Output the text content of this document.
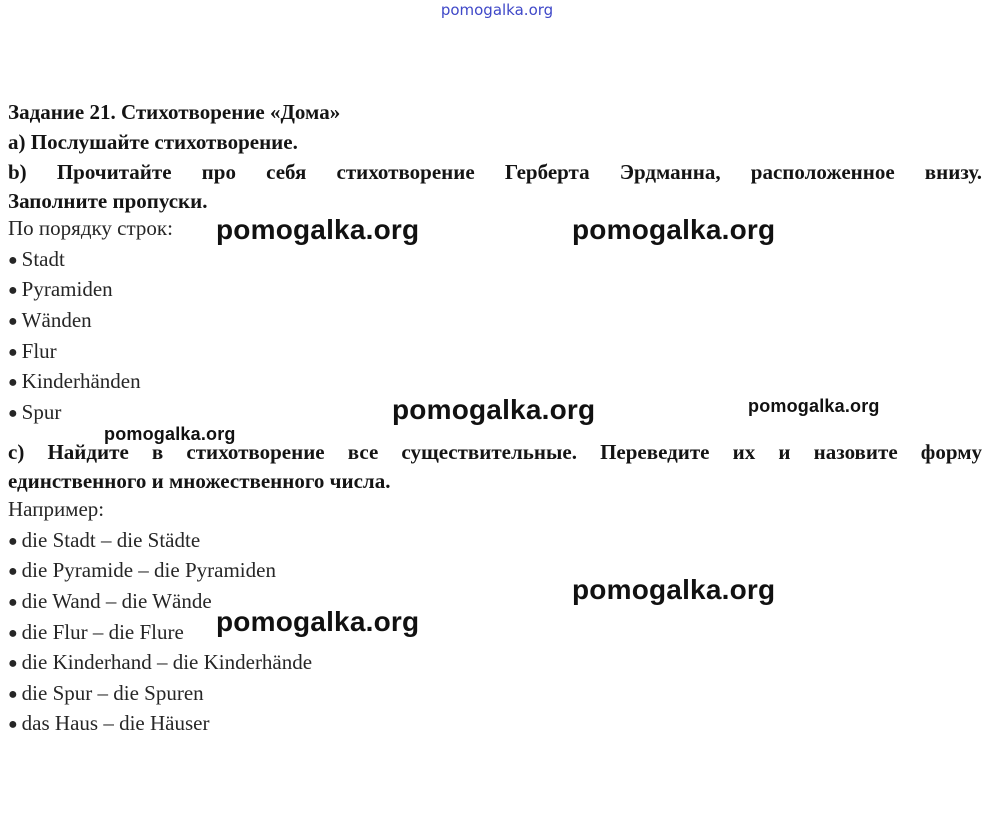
pomogalka.org
Задание 21. Стихотворение «Дома»
a) Послушайте стихотворение.
b) Прочитайте про себя стихотворение Герберта Эрдманна, расположенное внизу.
Заполните пропуски.
По порядку строк:
● Stadt
● Pyramiden
● Wänden
● Flur
● Kinderhänden
● Spur
c) Найдите в стихотворение все существительные. Переведите их и назовите форму
единственного и множественного числа.
Например:
● die Stadt – die Städte
● die Pyramide – die Pyramiden
● die Wand – die Wände
● die Flur – die Flure
● die Kinderhand – die Kinderhände
● die Spur – die Spuren
● das Haus – die Häuser
pomogalka.org	pomogalka.org
pomogalka.org	pomogalka.org
pomogalka.org
pomogalka.org
pomogalka.org
